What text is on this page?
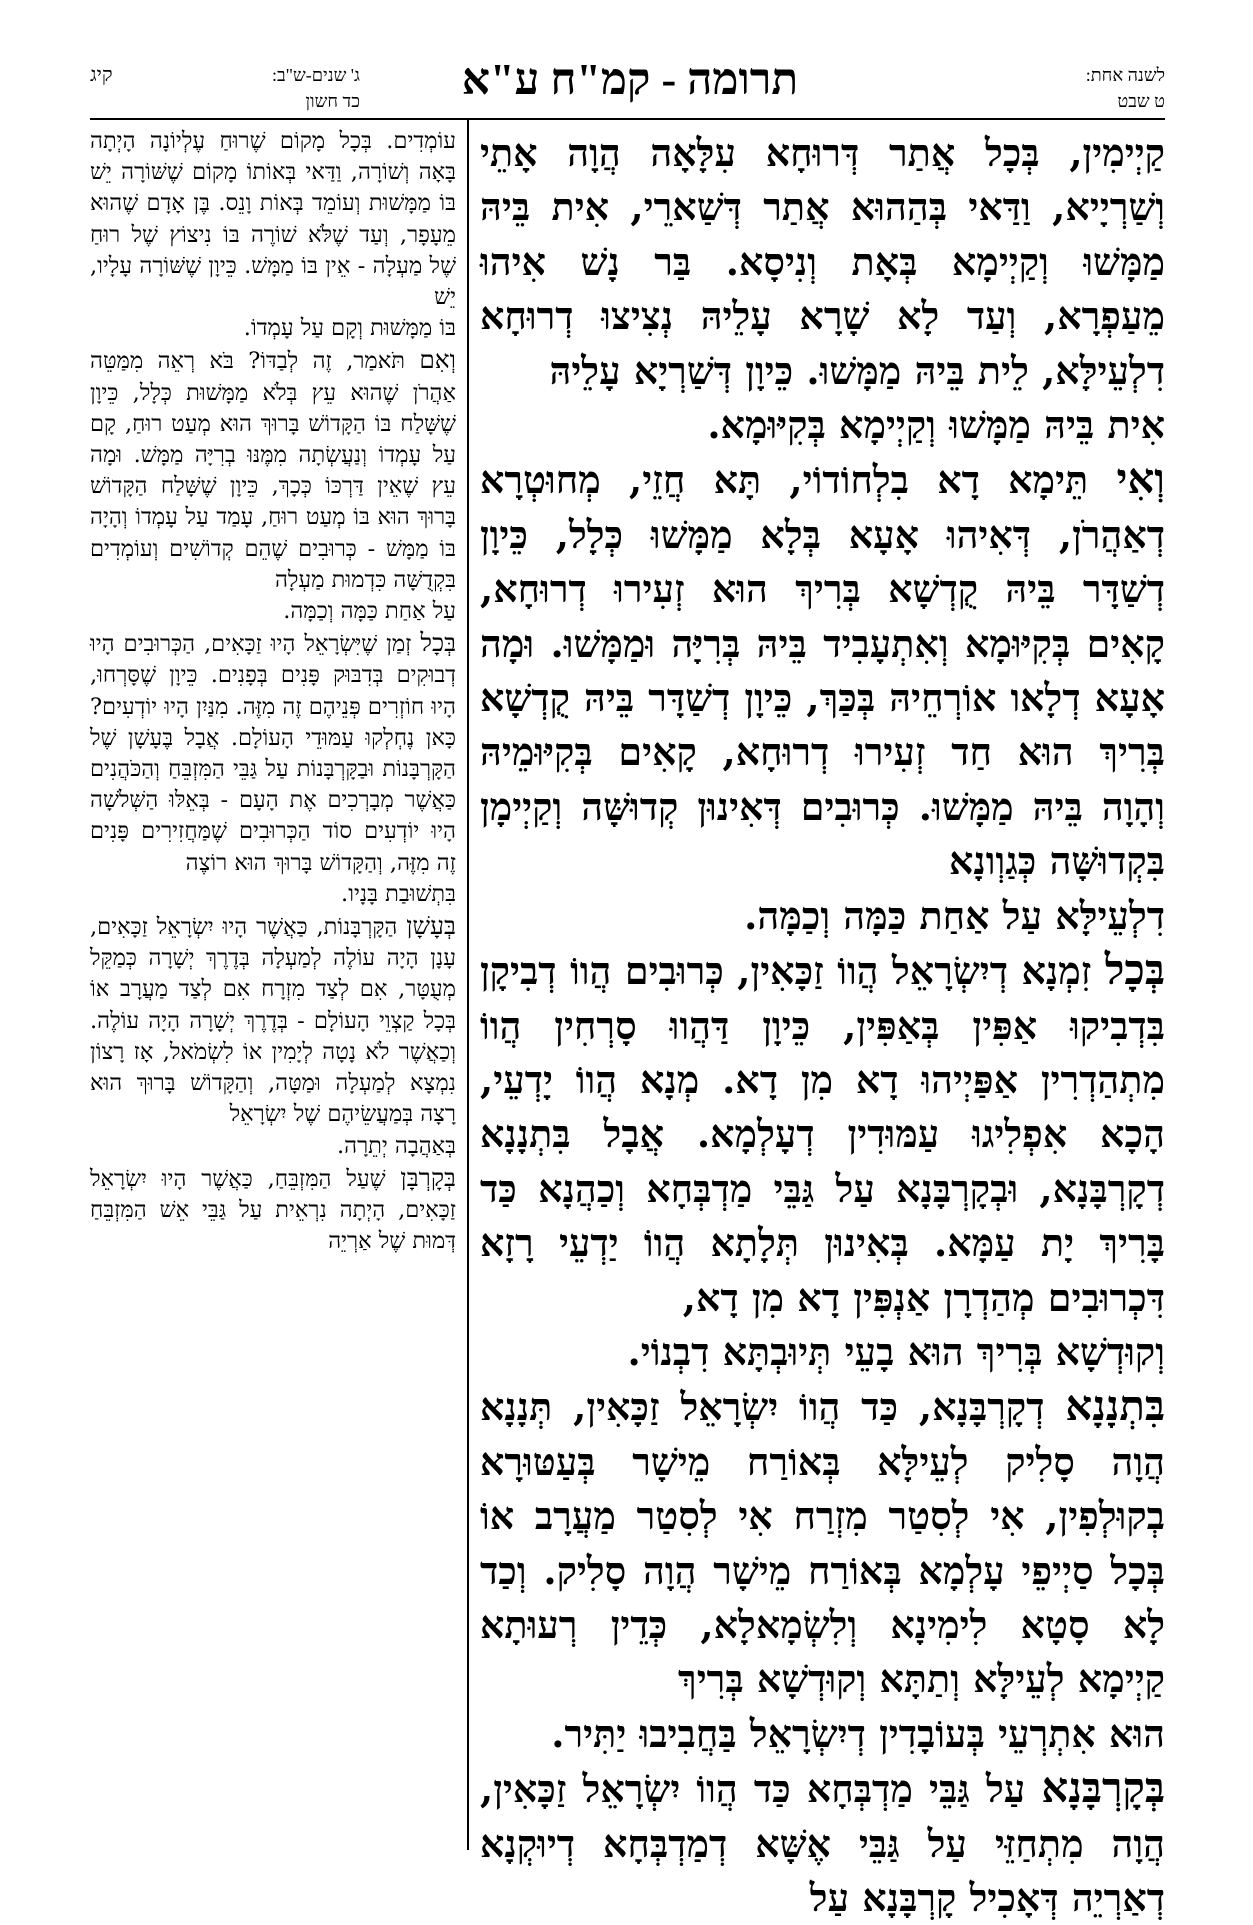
לשנה אחת:
ט שבט
תרומה - קמ"ח ע"א
קיג	ג' שנים-ש"ב:
כד חשון

קַיְימִין, בְּכָל אֲתַר דְּרוּחָא עִלָּאָה הֲוָה אָתֵי וְשַׁרְיָיא, וַדַּאי בְּהַהוּא אֲתַר דְּשַׁארֵי, אִית בֵּיהּ מַמָּשׁוּ וְקַיְימָא בְּאָת וְנִיסָא. בַּר נָשׁ אִיהוּ מֵעַפְרָא, וְעַד לָא שָׁרָא עָלֵיהּ נְצִיצוּ דְרוּחָא דִלְעֵילָּא, לֵית בֵּיהּ מַמָּשׁוּ. כֵּיוָן דְּשַׁרְיָא עָלֵיהּ

אִית בֵּיהּ מַמָּשׁוּ וְקַיְימָא בְּקִיּוּמָא.

וְאִי תֵּימָא דָא בִלְחוֹדוֹי, תָּא חֲזֵי, מְחוּטְרָא דְאַהֲרֹן, דְּאִיהוּ אָעָא בְּלָא מַמָּשׁוּ כְּלָל, כֵּיוָן דְשַׁדָּר בֵּיהּ קֻדְשָׁא בְּרִיךְ הוּא זְעִירוּ דְרוּחָא, קָאִים בְּקִיּוּמָא וְאִתְעָבִיד בֵּיהּ בְּרִיָּה וּמַמָּשׁוּ. וּמָה אָעָא דְלָאו אוֹרְחֵיהּ בְּכַּךְ, כֵּיוָן דְשַׁדָּר בֵּיהּ קֻדְשָׁא בְּרִיךְ הוּא חַד זְעִירוּ דְרוּחָא, קָאִים בְּקִיּוּמֵיהּ וְהָוָה בֵּיהּ מַמָּשׁוּ. כְּרוּבִים דְּאִינוּן קְדוּשָּׁה וְקַיְימָן בִּקְדוּשָּׁה כְּגַוְונָא

דִלְעֵילָּא עַל אַחַת כַּמָּה וְכַמָּה.

בְּכָל זִמְנָא דְיִשְׂרָאֵל הֲווֹ זַכָּאִין, כְּרוּבִים הֲווֹ דְבִיקָן בִּדְבִיקוּ אַפִּין בְּאַפִּין, כֵּיוָן דַּהֲווּ סָרְחִין הֲווֹ מִתְהַדְרִין אַפַּיְיהוּ דָא מִן דָא. מְנָא הֲווֹ יָדְעֵי, הָכָא אִפְלִיגוּ עַמּוּדִין דְעָלְמָא. אֲבָל בִּתְנָנָא דְקָרְבָּנָא, וּבְקָרְבָּנָא עַל גַּבֵּי מַדְבְּחָא וְכַהֲנָא כַּד בָּרִיךְ יָת עַמָּא. בְּאִינוּן תְּלָתָא הֲווֹ יַדְעֵי רָזָא דִּכְרוּבִים מְהַדְרָן אַנְפִּין דָא מִן דָא,

וְקוּדְשָׁא בְּרִיךְ הוּא בָעֵי תְּיוּבְתָּא דִבְנוֹי.

בִּתְנָנָא דְקָרְבָּנָא, כַּד הֲווֹ יִשְׂרָאֵל זַכָּאִין, תְּנָנָא הֲוָה סָלִיק לְעֵילָּא בְּאוֹרַח מֵישָׁר בְּעַטּוּרָא בְקוּלְפִין, אִי לְסִטַר מִזְרַח אִי לְסִטַר מַעֲרָב אוֹ בְּכָל סַיְיפֵי עָלְמָא בְּאוֹרַח מֵישָׁר הֲוָה סָלִיק. וְכַד לָא סָטָא לִימִינָא וְלִשְׂמָאלָא, כְּדֵין רְעוּתָא קַיְימָא לְעֵילָּא וְתַתָּא וְקוּדְשָׁא בְּרִיךְ

הוּא אִתְרְעֵי בְּעוֹבָדִין דְיִשְׂרָאֵל בַּחֲבִיבוּ יַתִּיר.

בְּקָרְבָּנָא עַל גַּבֵּי מַדְבְּחָא כַּד הֲווֹ יִשְׂרָאֵל זַכָּאִין, הֲוָה מִתְחַזֵּי עַל גַּבֵּי אֶשָּׁא דְמַדְבְּחָא דְיוּקְנָא דְאַרְיֵה דְּאָכִיל קָרְבָּנָא עַל

עוֹמְדִים. בְּכָל מָקוֹם שֶׁרוּחַ עֶלְיוֹנָה הָיְתָה בָּאָה וְשׁוֹרָה, וַדַּאי בְּאוֹתוֹ מָקוֹם שֶׁשּׁוֹרָה יֵשׁ בּוֹ מַמָּשׁוּת וְעוֹמֵד בְּאוֹת וָנֵס. בֶּן אָדָם שֶׁהוּא מֵעָפָר, וְעַד שֶׁלֹּא שׁוֹרֶה בּוֹ נִיצוֹץ שֶׁל רוּחַ שֶׁל מַעְלָה - אֵין בּוֹ מַמָּשׁ. כֵּיוָן שֶׁשּׁוֹרָה עָלָיו, יֵשׁ

בּוֹ מַמָּשׁוּת וְקָם עַל עָמְדוֹ.

וְאִם תֹּאמַר, זֶה לְבַדּוֹ? בֹּא רְאֵה מִמַּטֵּה אַהֲרֹן שֶׁהוּא עֵץ בְּלֹא מַמָּשׁוּת כְּלָל, כֵּיוָן שֶׁשָּׁלַח בּוֹ הַקָּדוֹשׁ בָּרוּךְ הוּא מְעַט רוּחַ, קָם עַל עָמְדוֹ וְנַעֲשְׂתָה מִמֶּנּוּ בְרִיָּה מַמָּשׁ. וּמָה עֵץ שֶׁאֵין דַּרְכּוֹ כְּכָךְ, כֵּיוָן שֶׁשָּׁלַח הַקָּדוֹשׁ בָּרוּךְ הוּא בּוֹ מְעַט רוּחַ, עָמַד עַל עָמְדוֹ וְהָיָה בּוֹ מַמָּשׁ - כְּרוּבִים שֶׁהֵם קְדוֹשִׁים וְעוֹמְדִים בִּקְדֻשָּׁה כִּדְמוּת מַעְלָה

עַל אַחַת כַּמָּה וְכַמָּה.

בְּכָל זְמַן שֶׁיִּשְׂרָאֵל הָיוּ זַכָּאִים, הַכְּרוּבִים הָיוּ דְבוּקִים בְּדִבּוּק פָּנִים בְּפָנִים. כֵּיוָן שֶׁסָּרְחוּ, הָיוּ חוֹזְרִים פְּנֵיהֶם זֶה מִזֶּה. מִנַּיִן הָיוּ יוֹדְעִים? כָּאן נֶחְלְקוּ עַמּוּדֵי הָעוֹלָם. אֲבָל בֶּעָשָׁן שֶׁל הַקָּרְבָּנוֹת וּבַקָּרְבָּנוֹת עַל גַּבֵּי הַמִּזְבֵּחַ וְהַכֹּהֲנִים כַּאֲשֶׁר מְבָרְכִים אֶת הָעָם - בְּאֵלּוּ הַשְּׁלֹשָׁה הָיוּ יוֹדְעִים סוֹד הַכְּרוּבִים שֶׁמַּחֲזִירִים פָּנִים זֶה מִזֶּה, וְהַקָּדוֹשׁ בָּרוּךְ הוּא רוֹצֶה

בִּתְשׁוּבַת בָּנָיו.

בְּעָשָׁן הַקָּרְבָּנוֹת, כַּאֲשֶׁר הָיוּ יִשְׂרָאֵל זַכָּאִים, עָנָן הָיָה עוֹלֶה לְמַעְלָה בְּדֶרֶךְ יְשָׁרָה כְּמַקֵּל מְעֻטָּר, אִם לְצַד מִזְרָח אִם לְצַד מַעֲרָב אוֹ בְּכָל קַצְוֵי הָעוֹלָם - בְּדֶרֶךְ יְשָׁרָה הָיָה עוֹלֶה. וְכַאֲשֶׁר לֹא נָטָה לְיָמִין אוֹ לִשְׂמֹאל, אָז רָצוֹן נִמְצָא לְמַעְלָה וּמַטָּה, וְהַקָּדוֹשׁ בָּרוּךְ הוּא רָצָה בְּמַעֲשֵׂיהֶם שֶׁל יִשְׂרָאֵל

בְּאַהֲבָה יְתֵרָה.

בְּקָרְבָּן שֶׁעַל הַמִּזְבֵּחַ, כַּאֲשֶׁר הָיוּ יִשְׂרָאֵל זַכָּאִים, הָיְתָה נִרְאֵית עַל גַּבֵּי אֵשׁ הַמִּזְבֵּחַ דְּמוּת שֶׁל אַרְיֵה
